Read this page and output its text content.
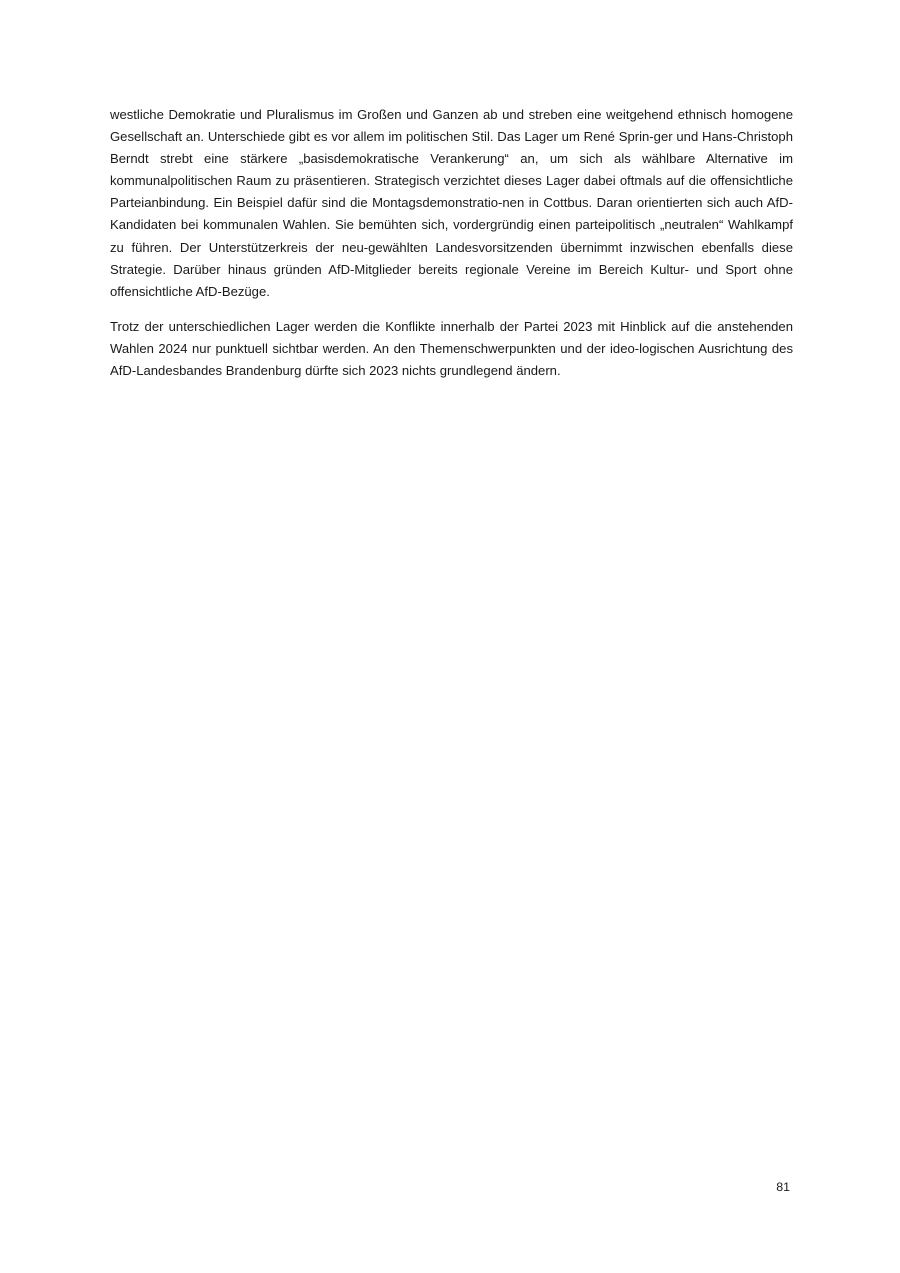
westliche Demokratie und Pluralismus im Großen und Ganzen ab und streben eine weitgehend ethnisch homogene Gesellschaft an. Unterschiede gibt es vor allem im politischen Stil. Das Lager um René Sprin-ger und Hans-Christoph Berndt strebt eine stärkere „basisdemokratische Verankerung“ an, um sich als wählbare Alternative im kommunalpolitischen Raum zu präsentieren. Strategisch verzichtet dieses Lager dabei oftmals auf die offensichtliche Parteianbindung. Ein Beispiel dafür sind die Montagsdemonstratio-nen in Cottbus. Daran orientierten sich auch AfD-Kandidaten bei kommunalen Wahlen. Sie bemühten sich, vordergründig einen parteipolitisch „neutralen“ Wahlkampf zu führen. Der Unterstützerkreis der neu-gewählten Landesvorsitzenden übernimmt inzwischen ebenfalls diese Strategie. Darüber hinaus gründen AfD-Mitglieder bereits regionale Vereine im Bereich Kultur- und Sport ohne offensichtliche AfD-Bezüge.

Trotz der unterschiedlichen Lager werden die Konflikte innerhalb der Partei 2023 mit Hinblick auf die anstehenden Wahlen 2024 nur punktuell sichtbar werden. An den Themenschwerpunkten und der ideo-logischen Ausrichtung des AfD-Landesbandes Brandenburg dürfte sich 2023 nichts grundlegend ändern.

81
